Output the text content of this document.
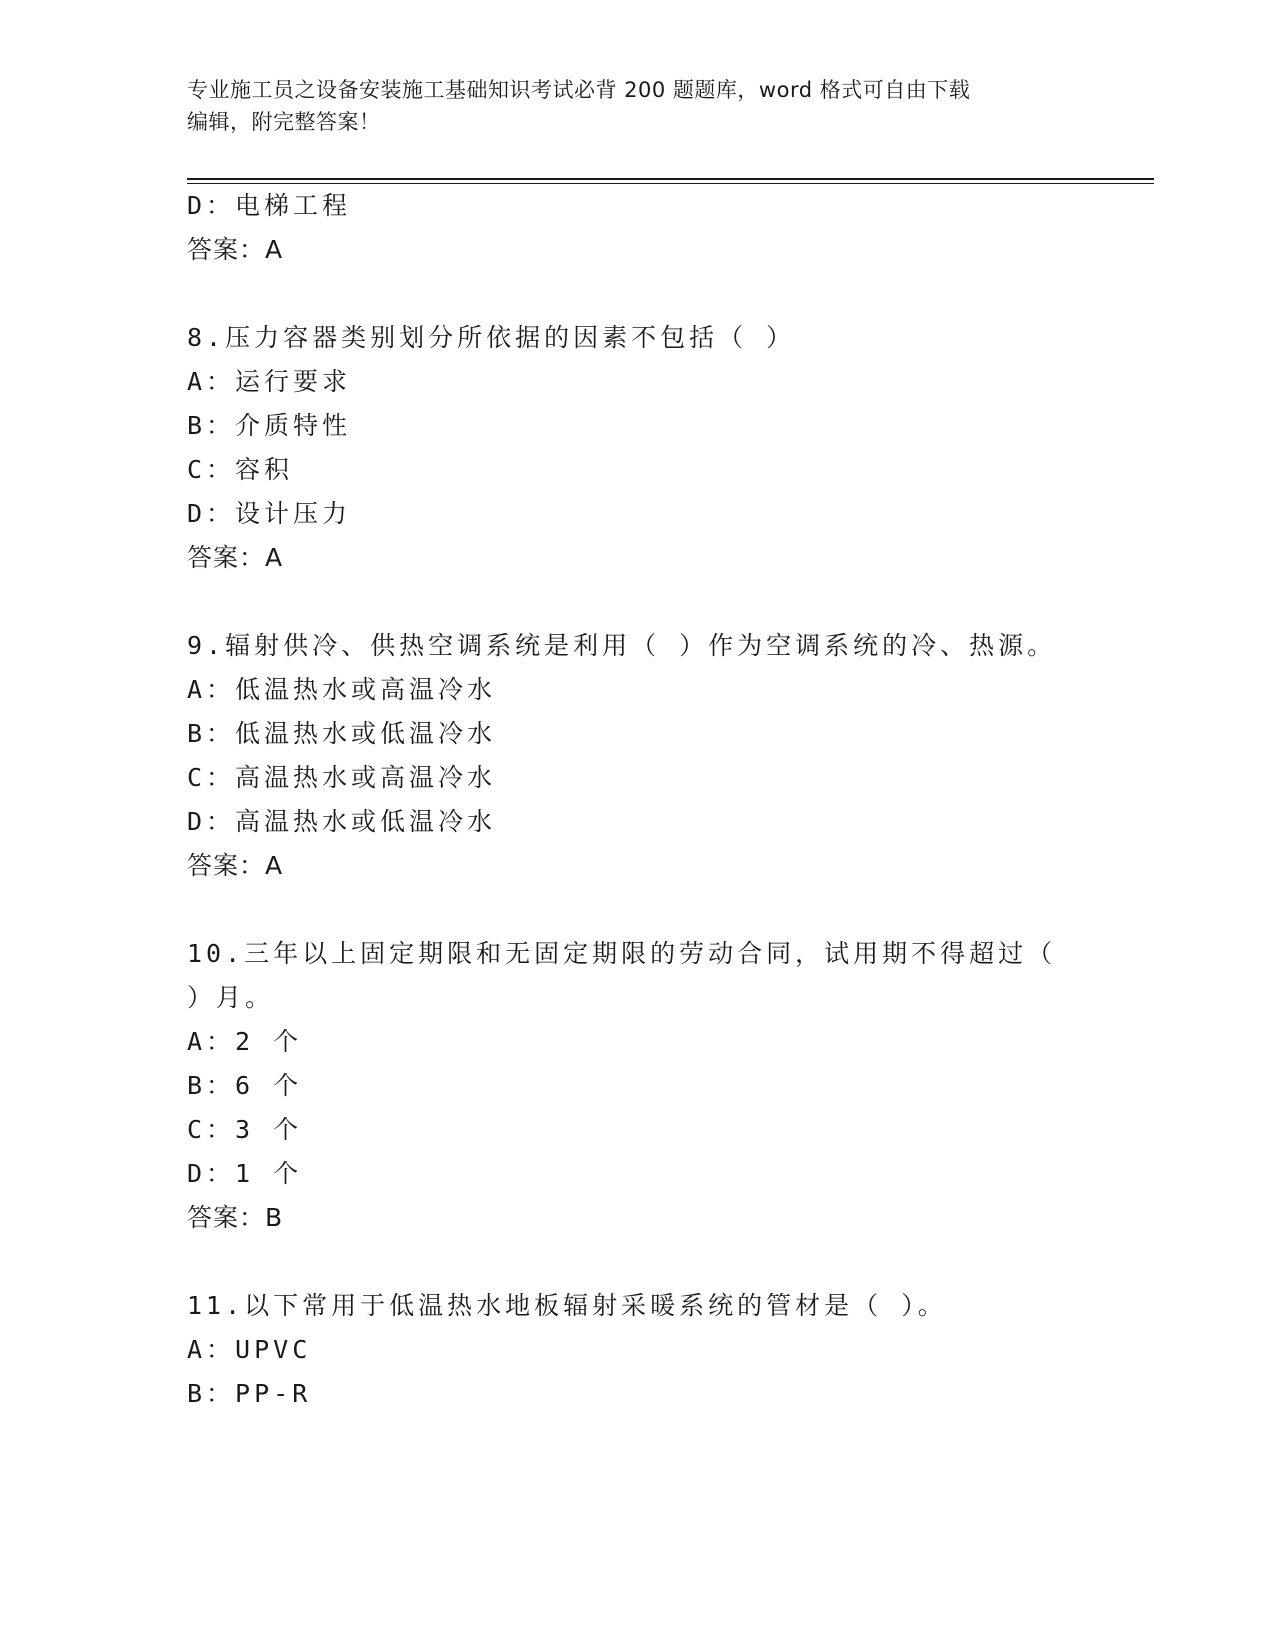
专业施工员之设备安装施工基础知识考试必背 200 题题库，word 格式可自由下载
编辑，附完整答案！
D：电梯工程
答案：A
8.压力容器类别划分所依据的因素不包括（ ）
A：运行要求
B：介质特性
C：容积
D：设计压力
答案：A
9.辐射供冷、供热空调系统是利用（ ）作为空调系统的冷、热源。
A：低温热水或高温冷水
B：低温热水或低温冷水
C：高温热水或高温冷水
D：高温热水或低温冷水
答案：A
10.三年以上固定期限和无固定期限的劳动合同，试用期不得超过（
）月。
A：2 个
B：6 个
C：3 个
D：1 个
答案：B
11.以下常用于低温热水地板辐射采暖系统的管材是（ ）。
A：UPVC
B：PP-R
